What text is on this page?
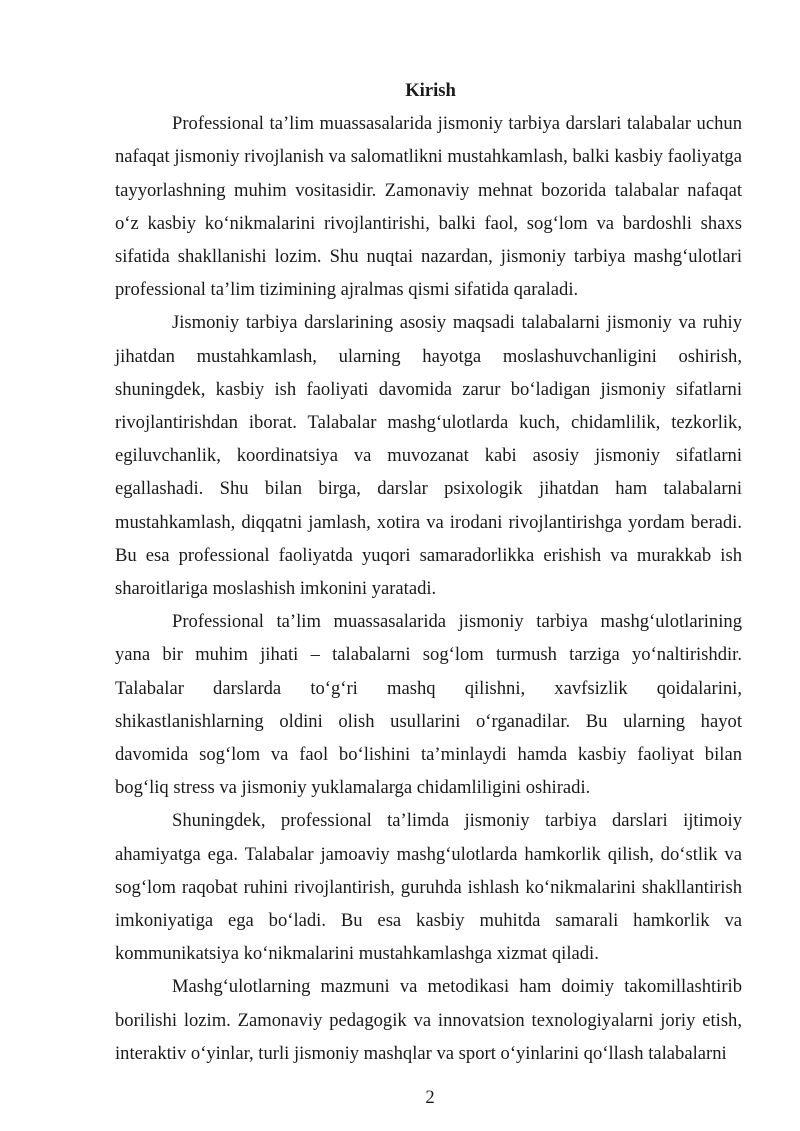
Kirish

Professional ta’lim muassasalarida jismoniy tarbiya darslari talabalar uchun nafaqat jismoniy rivojlanish va salomatlikni mustahkamlash, balki kasbiy faoliyatga tayyorlashning muhim vositasidir. Zamonaviy mehnat bozorida talabalar nafaqat o‘z kasbiy ko‘nikmalarini rivojlantirishi, balki faol, sog‘lom va bardoshli shaxs sifatida shakllanishi lozim. Shu nuqtai nazardan, jismoniy tarbiya mashg‘ulotlari professional ta’lim tizimining ajralmas qismi sifatida qaraladi.

Jismoniy tarbiya darslarining asosiy maqsadi talabalarni jismoniy va ruhiy jihatdan mustahkamlash, ularning hayotga moslashuvchanligini oshirish, shuningdek, kasbiy ish faoliyati davomida zarur bo‘ladigan jismoniy sifatlarni rivojlantirishdan iborat. Talabalar mashg‘ulotlarda kuch, chidamlilik, tezkorlik, egiluvchanlik, koordinatsiya va muvozanat kabi asosiy jismoniy sifatlarni egallashadi. Shu bilan birga, darslar psixologik jihatdan ham talabalarni mustahkamlash, diqqatni jamlash, xotira va irodani rivojlantirishga yordam beradi. Bu esa professional faoliyatda yuqori samaradorlikka erishish va murakkab ish sharoitlariga moslashish imkonini yaratadi.

Professional ta’lim muassasalarida jismoniy tarbiya mashg‘ulotlarining yana bir muhim jihati – talabalarni sog‘lom turmush tarziga yo‘naltirishdir. Talabalar darslarda to‘g‘ri mashq qilishni, xavfsizlik qoidalarini, shikastlanishlarning oldini olish usullarini o‘rganadilar. Bu ularning hayot davomida sog‘lom va faol bo‘lishini ta’minlaydi hamda kasbiy faoliyat bilan bog‘liq stress va jismoniy yuklamalarga chidamliligini oshiradi.

Shuningdek, professional ta’limda jismoniy tarbiya darslari ijtimoiy ahamiyatga ega. Talabalar jamoaviy mashg‘ulotlarda hamkorlik qilish, do‘stlik va sog‘lom raqobat ruhini rivojlantirish, guruhda ishlash ko‘nikmalarini shakllantirish imkoniyatiga ega bo‘ladi. Bu esa kasbiy muhitda samarali hamkorlik va kommunikatsiya ko‘nikmalarini mustahkamlashga xizmat qiladi.

Mashg‘ulotlarning mazmuni va metodikasi ham doimiy takomillashtirib borilishi lozim. Zamonaviy pedagogik va innovatsion texnologiyalarni joriy etish, interaktiv o‘yinlar, turli jismoniy mashqlar va sport o‘yinlarini qo‘llash talabalarni

2
